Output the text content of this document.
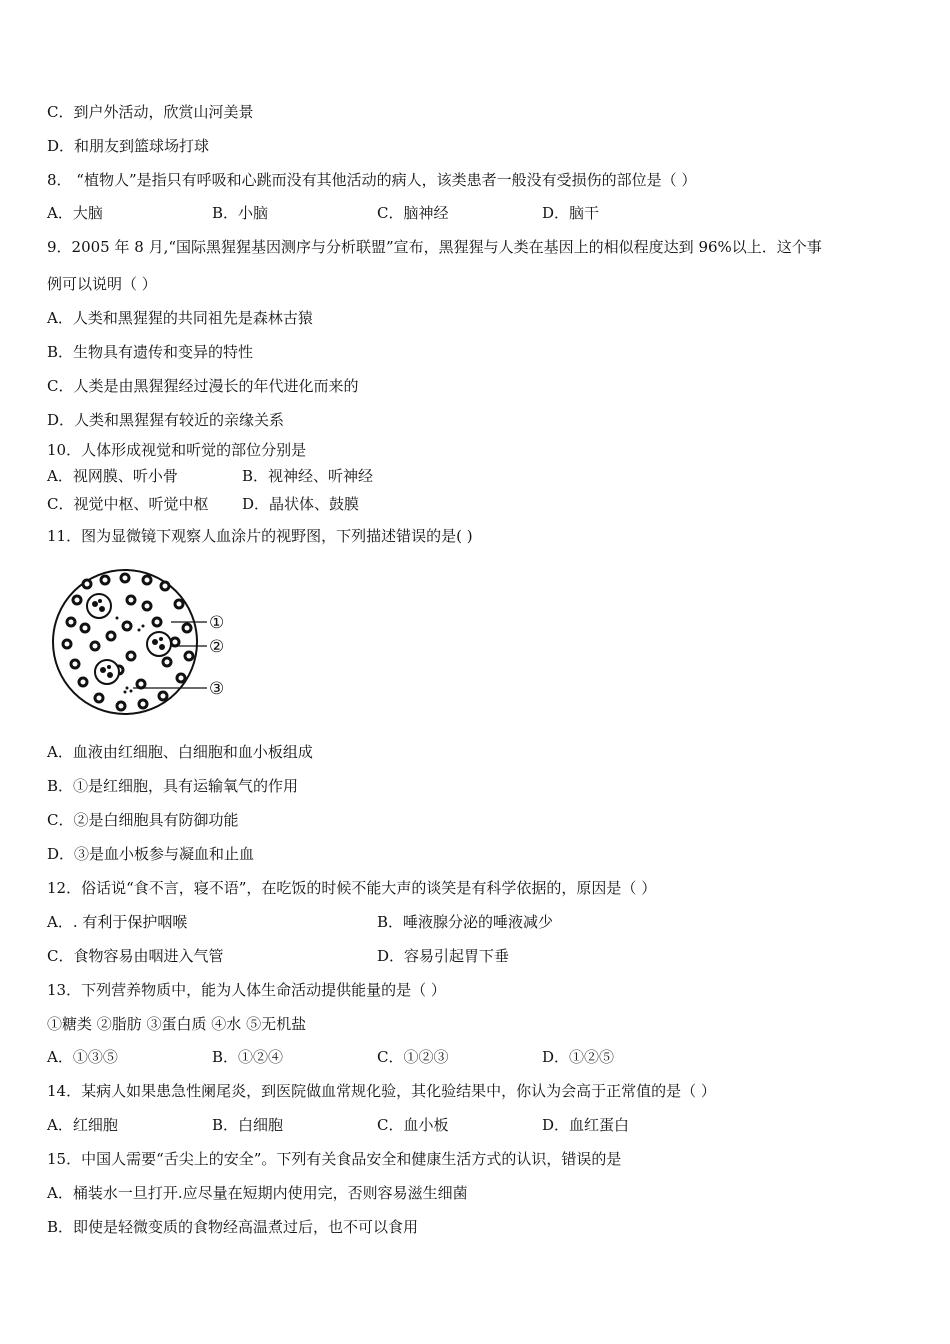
C．到户外活动，欣赏山河美景
D．和朋友到篮球场打球
8． “植物人”是指只有呼吸和心跳而没有其他活动的病人，该类患者一般没有受损伤的部位是（ ）
A．大脑	B．小脑	C．脑神经	D．脑干
9．2005 年 8 月,“国际黑猩猩基因测序与分析联盟”宣布，黑猩猩与人类在基因上的相似程度达到 96%以上．这个事
例可以说明（ ）
A．人类和黑猩猩的共同祖先是森林古猿
B．生物具有遗传和变异的特性
C．人类是由黑猩猩经过漫长的年代进化而来的
D．人类和黑猩猩有较近的亲缘关系
10．人体形成视觉和听觉的部位分别是
A．视网膜、听小骨	B．视神经、听神经
C．视觉中枢、听觉中枢 D．晶状体、鼓膜
11．图为显微镜下观察人血涂片的视野图，下列描述错误的是( )
①
②
③
A．血液由红细胞、白细胞和血小板组成
B．①是红细胞，具有运输氧气的作用
C．②是白细胞具有防御功能
D．③是血小板参与凝血和止血
12．俗话说“食不言，寝不语”，在吃饭的时候不能大声的谈笑是有科学依据的，原因是（ ）
A．. 有利于保护咽喉	B．唾液腺分泌的唾液减少
C．食物容易由咽进入气管	D．容易引起胃下垂
13．下列营养物质中，能为人体生命活动提供能量的是（ ）
①糖类 ②脂肪 ③蛋白质 ④水 ⑤无机盐
A．①③⑤	B．①②④	C．①②③	D．①②⑤
14．某病人如果患急性阑尾炎，到医院做血常规化验，其化验结果中，你认为会高于正常值的是（ ）
A．红细胞	B．白细胞	C．血小板	D．血红蛋白
15．中国人需要“舌尖上的安全”。下列有关食品安全和健康生活方式的认识，错误的是
A．桶装水一旦打开.应尽量在短期内使用完，否则容易滋生细菌
B．即使是轻微变质的食物经高温煮过后，也不可以食用
